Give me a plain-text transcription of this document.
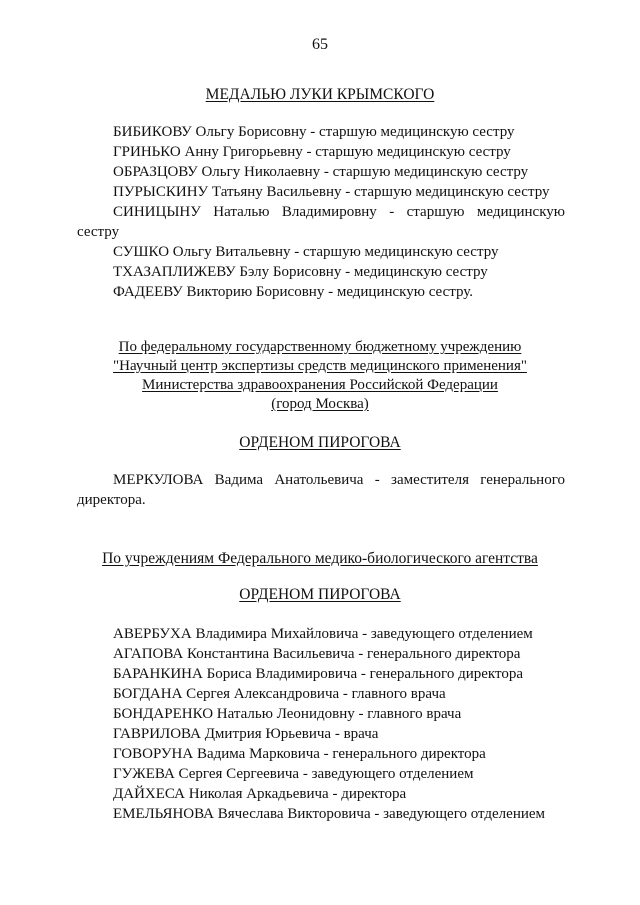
65
МЕДАЛЬЮ ЛУКИ КРЫМСКОГО
БИБИКОВУ Ольгу Борисовну - старшую медицинскую сестру
ГРИНЬКО Анну Григорьевну - старшую медицинскую сестру
ОБРАЗЦОВУ Ольгу Николаевну - старшую медицинскую сестру
ПУРЫСКИНУ Татьяну Васильевну - старшую медицинскую сестру

СИНИЦЫНУ Наталью Владимировну - старшую медицинскую сестру

СУШКО Ольгу Витальевну - старшую медицинскую сестру
ТХАЗАПЛИЖЕВУ Бэлу Борисовну - медицинскую сестру
ФАДЕЕВУ Викторию Борисовну - медицинскую сестру.
По федеральному государственному бюджетному учреждению
"Научный центр экспертизы средств медицинского применения"
Министерства здравоохранения Российской Федерации
(город Москва)
ОРДЕНОМ ПИРОГОВА

МЕРКУЛОВА Вадима Анатольевича - заместителя генерального директора.

По учреждениям Федерального медико-биологического агентства
ОРДЕНОМ ПИРОГОВА
АВЕРБУХА Владимира Михайловича - заведующего отделением
АГАПОВА Константина Васильевича - генерального директора
БАРАНКИНА Бориса Владимировича - генерального директора
БОГДАНА Сергея Александровича - главного врача
БОНДАРЕНКО Наталью Леонидовну - главного врача
ГАВРИЛОВА Дмитрия Юрьевича - врача
ГОВОРУНА Вадима Марковича - генерального директора
ГУЖЕВА Сергея Сергеевича - заведующего отделением
ДАЙХЕСА Николая Аркадьевича - директора
ЕМЕЛЬЯНОВА Вячеслава Викторовича - заведующего отделением
